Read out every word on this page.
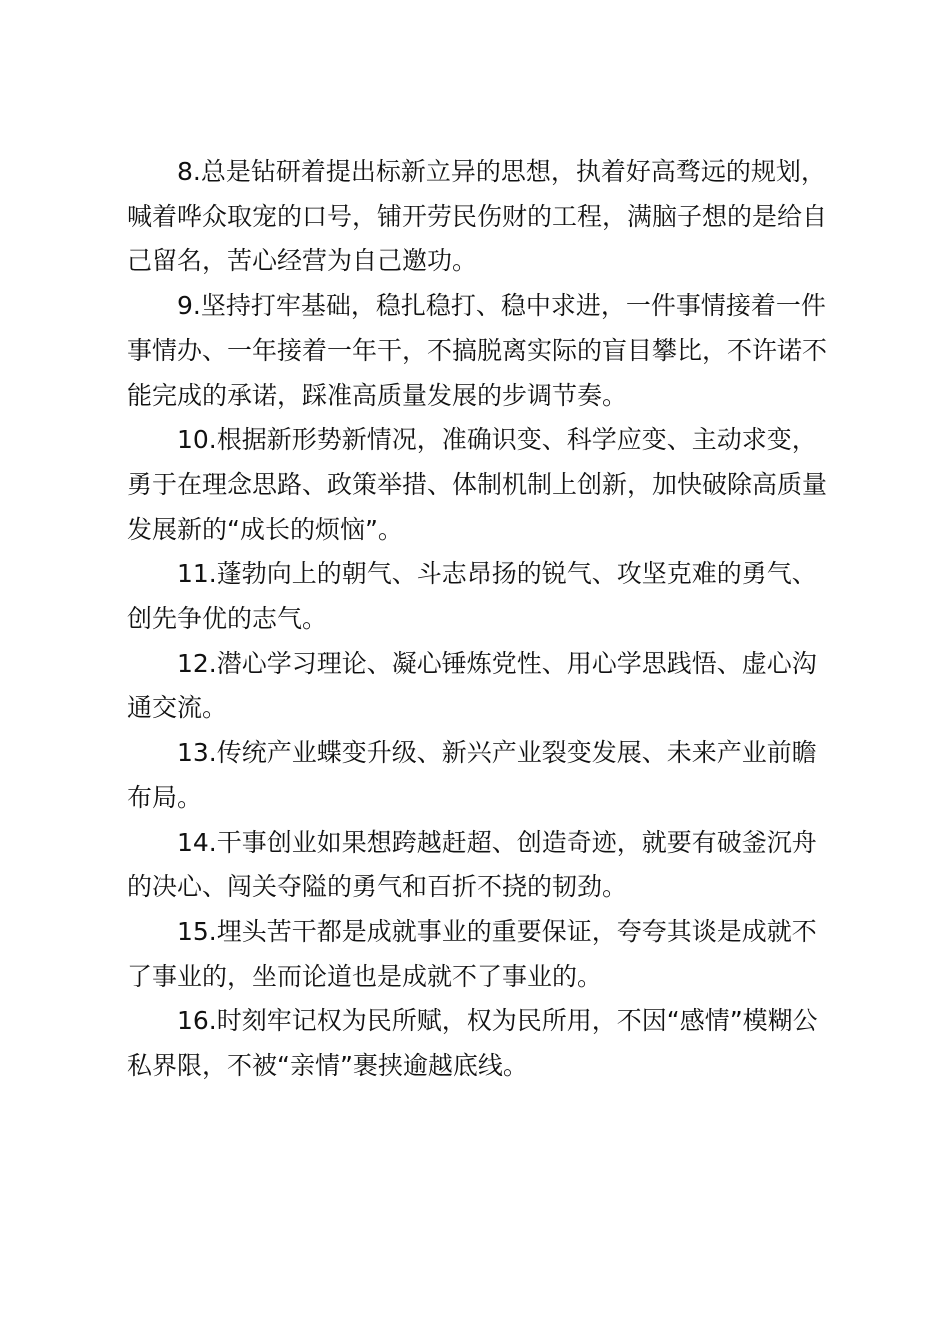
8.总是钻研着提出标新立异的思想，执着好高骛远的规划，
喊着哗众取宠的口号，铺开劳民伤财的工程，满脑子想的是给自
己留名，苦心经营为自己邀功。

9.坚持打牢基础，稳扎稳打、稳中求进，一件事情接着一件
事情办、一年接着一年干，不搞脱离实际的盲目攀比，不许诺不
能完成的承诺，踩准高质量发展的步调节奏。

10.根据新形势新情况，准确识变、科学应变、主动求变，
勇于在理念思路、政策举措、体制机制上创新，加快破除高质量
发展新的“成长的烦恼”。

11.蓬勃向上的朝气、斗志昂扬的锐气、攻坚克难的勇气、
创先争优的志气。

12.潜心学习理论、凝心锤炼党性、用心学思践悟、虚心沟
通交流。

13.传统产业蝶变升级、新兴产业裂变发展、未来产业前瞻
布局。

14.干事创业如果想跨越赶超、创造奇迹，就要有破釜沉舟
的决心、闯关夺隘的勇气和百折不挠的韧劲。

15.埋头苦干都是成就事业的重要保证，夸夸其谈是成就不
了事业的，坐而论道也是成就不了事业的。

16.时刻牢记权为民所赋，权为民所用，不因“感情”模糊公
私界限，不被“亲情”裹挟逾越底线。
